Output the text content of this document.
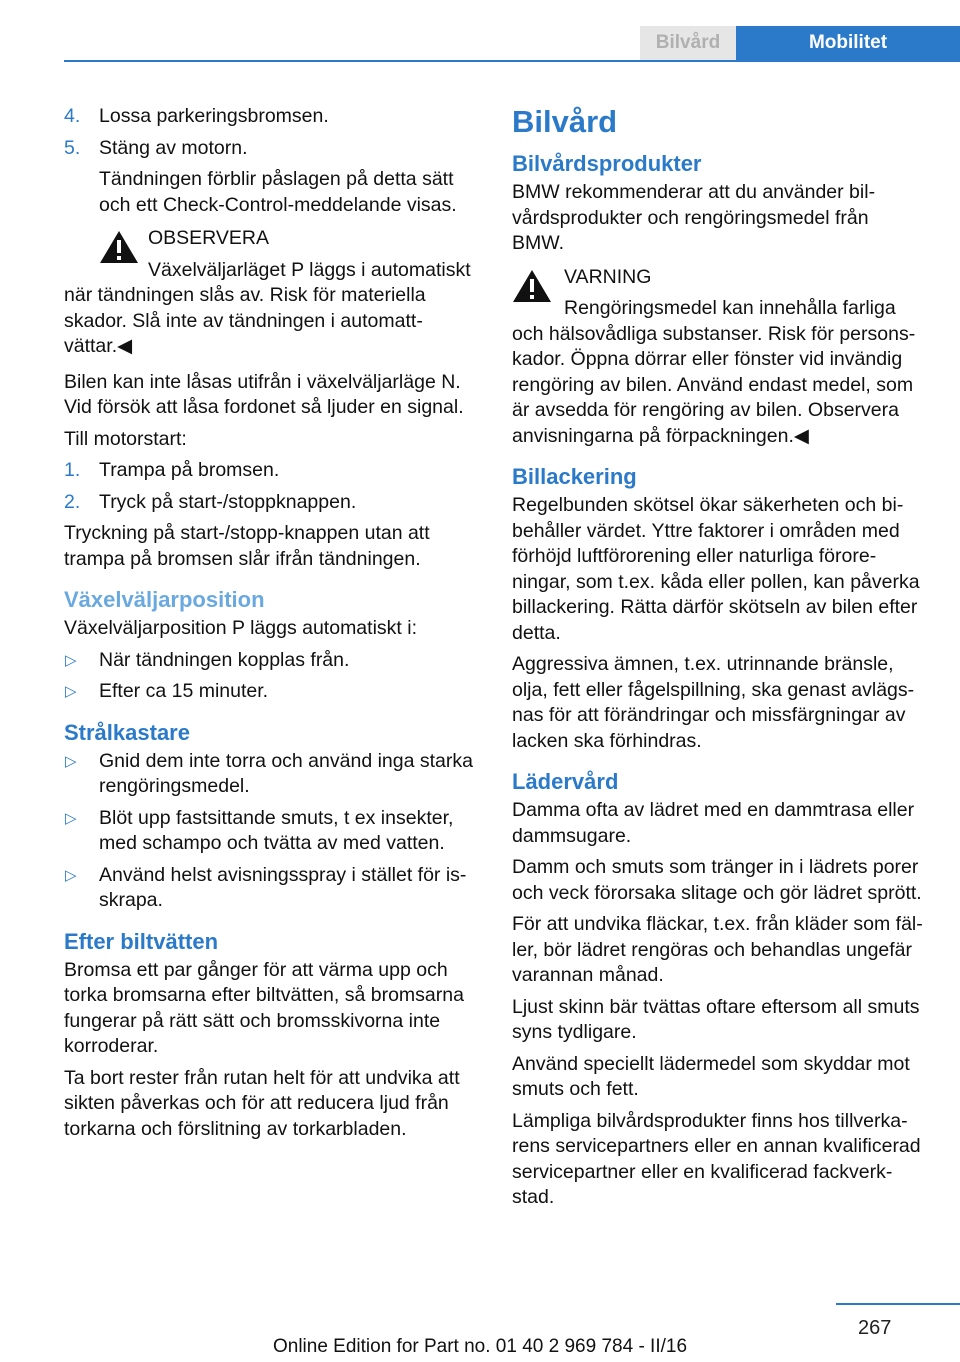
Bilvård	Mobilitet
4. Lossa parkeringsbromsen.
5. Stäng av motorn.

Tändningen förblir påslagen på detta sätt och ett Check-Control-meddelande visas.

OBSERVERA
Växelväljarläget P läggs i automatiskt
när tändningen slås av. Risk för materiella skador. Slå inte av tändningen i automattvättar.◀

Bilen kan inte låsas utifrån i växelväljarläge N. Vid försök att låsa fordonet så ljuder en signal.

Till motorstart:

1. Trampa på bromsen.
2. Tryck på start-/stoppknappen.

Tryckning på start-/stopp-knappen utan att trampa på bromsen slår ifrån tändningen.

Växelväljarposition

Växelväljarposition P läggs automatiskt i:

▷ När tändningen kopplas från.
▷ Efter ca 15 minuter.
Strålkastare
▷ Gnid dem inte torra och använd inga starka rengöringsmedel.
▷ Blöt upp fastsittande smuts, t ex insekter, med schampo och tvätta av med vatten.
▷ Använd helst avisningsspray i stället för isskrapa.
Efter biltvätten

Bromsa ett par gånger för att värma upp och torka bromsarna efter biltvätten, så bromsarna fungerar på rätt sätt och bromsskivorna inte korroderar.

Ta bort rester från rutan helt för att undvika att sikten påverkas och för att reducera ljud från torkarna och förslitning av torkarbladen.

Bilvård
Bilvårdsprodukter

BMW rekommenderar att du använder bilvårdsprodukter och rengöringsmedel från BMW.

VARNING
Rengöringsmedel kan innehålla farliga
och hälsovådliga substanser. Risk för personskador. Öppna dörrar eller fönster vid invändig rengöring av bilen. Använd endast medel, som är avsedda för rengöring av bilen. Observera anvisningarna på förpackningen.◀
Billackering

Regelbunden skötsel ökar säkerheten och bibehåller värdet. Yttre faktorer i områden med förhöjd luftförorening eller naturliga föroreningar, som t.ex. kåda eller pollen, kan påverka billackering. Rätta därför skötseln av bilen efter detta.

Aggressiva ämnen, t.ex. utrinnande bränsle, olja, fett eller fågelspillning, ska genast avlägsnas för att förändringar och missfärgningar av lacken ska förhindras.

Lädervård

Damma ofta av lädret med en dammtrasa eller dammsugare.

Damm och smuts som tränger in i lädrets porer och veck förorsaka slitage och gör lädret sprött.

För att undvika fläckar, t.ex. från kläder som fäller, bör lädret rengöras och behandlas ungefär varannan månad.

Ljust skinn bär tvättas oftare eftersom all smuts syns tydligare.

Använd speciellt lädermedel som skyddar mot smuts och fett.

Lämpliga bilvårdsprodukter finns hos tillverkarens servicepartners eller en annan kvalificerad servicepartner eller en kvalificerad fackverkstad.

267
Online Edition for Part no. 01 40 2 969 784 - II/16
